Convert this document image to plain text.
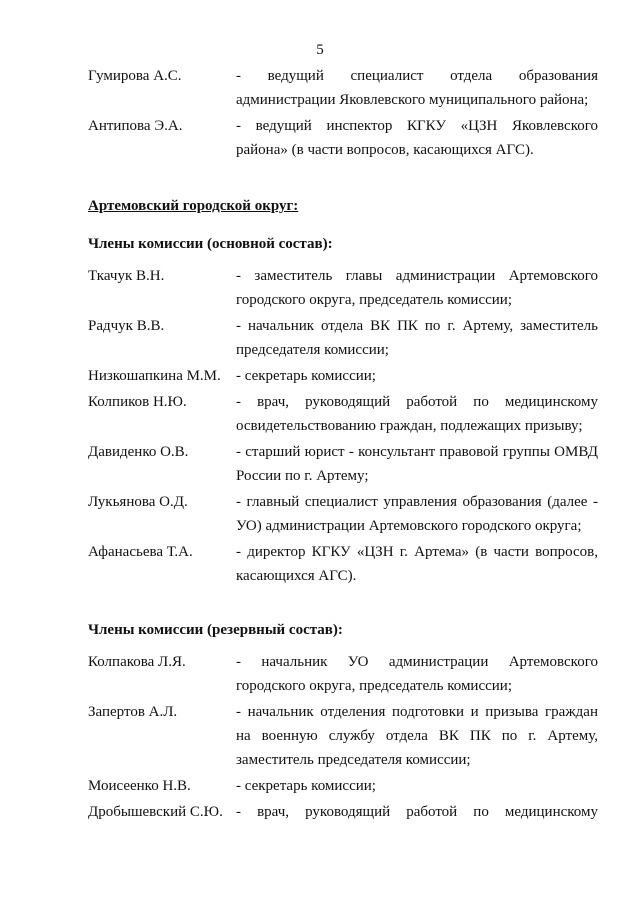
5
Гумирова А.С.	- ведущий специалист отдела образования администрации Яковлевского муниципального района;
Антипова Э.А.	- ведущий инспектор КГКУ «ЦЗН Яковлевского района» (в части вопросов, касающихся АГС).
Артемовский городской округ:
Члены комиссии (основной состав):
Ткачук В.Н.	- заместитель главы администрации Артемовского городского округа, председатель комиссии;
Радчук В.В.	- начальник отдела ВК ПК по г. Артему, заместитель председателя комиссии;
Низкошапкина М.М.	- секретарь комиссии;
Колпиков Н.Ю.	- врач, руководящий работой по медицинскому освидетельствованию граждан, подлежащих призыву;
Давиденко О.В.	- старший юрист - консультант правовой группы ОМВД России по г. Артему;
Лукьянова О.Д.	- главный специалист управления образования (далее - УО) администрации Артемовского городского округа;
Афанасьева Т.А.	- директор КГКУ «ЦЗН г. Артема» (в части вопросов, касающихся АГС).
Члены комиссии (резервный состав):
Колпакова Л.Я.	- начальник УО администрации Артемовского городского округа, председатель комиссии;
Запертов А.Л.	- начальник отделения подготовки и призыва граждан на военную службу отдела ВК ПК по г. Артему, заместитель председателя комиссии;
Моисеенко Н.В.	- секретарь комиссии;
Дробышевский С.Ю. - врач, руководящий работой по медицинскому
